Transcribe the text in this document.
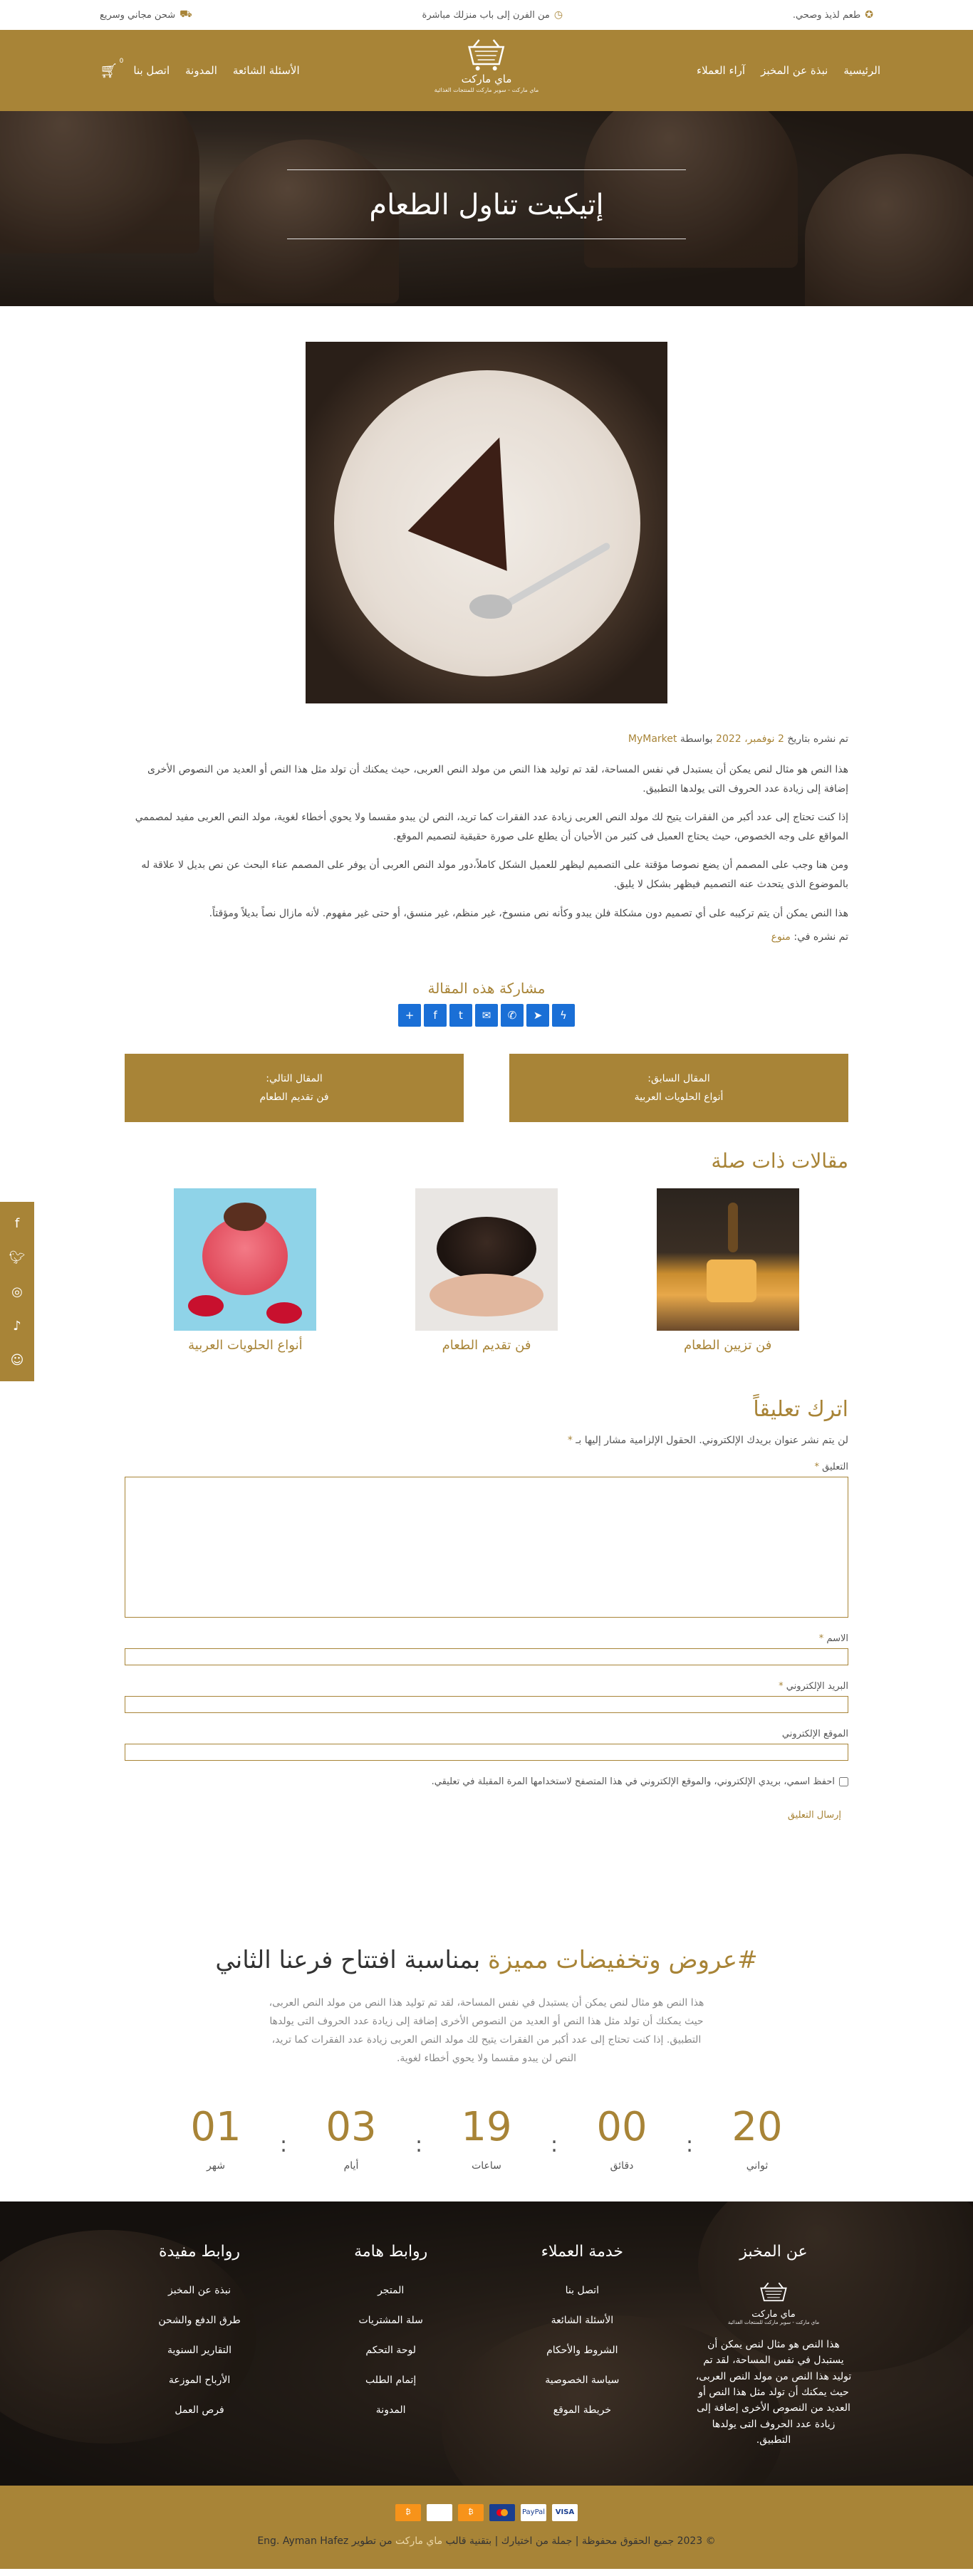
✪
طعم لذيذ وصحي.
◷
من الفرن إلى باب منزلك مباشرة
⛟
شحن مجاني وسريع
الرئيسية
نبذة عن المخبز
آراء العملاء
ماي ماركت
ماي ماركت - سوبر ماركت للمنتجات الغذائية
الأسئلة الشائعة
المدونة
اتصل بنا
🛒︎
0
إتيكيت تناول الطعام
تم نشره بتاريخ 2 نوفمبر، 2022 بواسطة MyMarket

هذا النص هو مثال لنص يمكن أن يستبدل في نفس المساحة، لقد تم توليد هذا النص من مولد النص العربى، حيث يمكنك أن تولد مثل هذا النص أو العديد من النصوص الأخرى إضافة إلى زيادة عدد الحروف التى يولدها التطبيق.

إذا كنت تحتاج إلى عدد أكبر من الفقرات يتيح لك مولد النص العربى زيادة عدد الفقرات كما تريد، النص لن يبدو مقسما ولا يحوي أخطاء لغوية، مولد النص العربى مفيد لمصممي المواقع على وجه الخصوص، حيث يحتاج العميل فى كثير من الأحيان أن يطلع على صورة حقيقية لتصميم الموقع.

ومن هنا وجب على المصمم أن يضع نصوصا مؤقتة على التصميم ليظهر للعميل الشكل كاملاً،دور مولد النص العربى أن يوفر على المصمم عناء البحث عن نص بديل لا علاقة له بالموضوع الذى يتحدث عنه التصميم فيظهر بشكل لا يليق.

هذا النص يمكن أن يتم تركيبه على أي تصميم دون مشكلة فلن يبدو وكأنه نص منسوخ، غير منظم، غير منسق، أو حتى غير مفهوم. لأنه مازال نصاً بديلاً ومؤقتاً.

تم نشره في: منوع
مشاركة هذه المقالة
+	f	t	✉	✆	➤	ϟ
المقال السابق:
أنواع الحلويات العربية
المقال التالي:
فن تقديم الطعام
مقالات ذات صلة
فن تزيين الطعام
فن تقديم الطعام
أنواع الحلويات العربية
اترك تعليقاً
لن يتم نشر عنوان بريدك الإلكتروني. الحقول الإلزامية مشار إليها بـ *
التعليق *
الاسم *
البريد الإلكتروني *
الموقع الإلكتروني
احفظ اسمي، بريدي الإلكتروني، والموقع الإلكتروني في هذا المتصفح لاستخدامها المرة المقبلة في تعليقي.
إرسال التعليق
#عروض وتخفيضات مميزة بمناسبة افتتاح فرعنا الثاني

هذا النص هو مثال لنص يمكن أن يستبدل في نفس المساحة، لقد تم توليد هذا النص من مولد النص العربى، حيث يمكنك أن تولد مثل هذا النص أو العديد من النصوص الأخرى إضافة إلى زيادة عدد الحروف التى يولدها التطبيق. إذا كنت تحتاج إلى عدد أكبر من الفقرات يتيح لك مولد النص العربى زيادة عدد الفقرات كما تريد، النص لن يبدو مقسما ولا يحوي أخطاء لغوية.

20
ثواني
:
00
دقائق
:
19
ساعات
:
03
أيام
:
01
شهر
عن المخبز
ماي ماركت
ماي ماركت - سوبر ماركت للمنتجات الغذائية

هذا النص هو مثال لنص يمكن أن يستبدل في نفس المساحة، لقد تم توليد هذا النص من مولد النص العربى، حيث يمكنك أن تولد مثل هذا النص أو العديد من النصوص الأخرى إضافة إلى زيادة عدد الحروف التى يولدها التطبيق.

خدمة العملاء
اتصل بنا
الأسئلة الشائعة
الشروط والأحكام
سياسة الخصوصية
خريطة الموقع
روابط هامة
المتجر
سلة المشتريات
لوحة التحكم
إتمام الطلب
المدونة
روابط مفيدة
نبذة عن المخبز
طرق الدفع والشحن
التقارير السنوية
الأرباح الموزعة
فرص العمل
₿	₿	PayPal	VISA
© 2023 جميع الحقوق محفوظة | جملة من اختيارك | بتقنية قالب ماي ماركت من تطوير Eng. Ayman Hafez
f
🐦︎
◎
♪
☺
